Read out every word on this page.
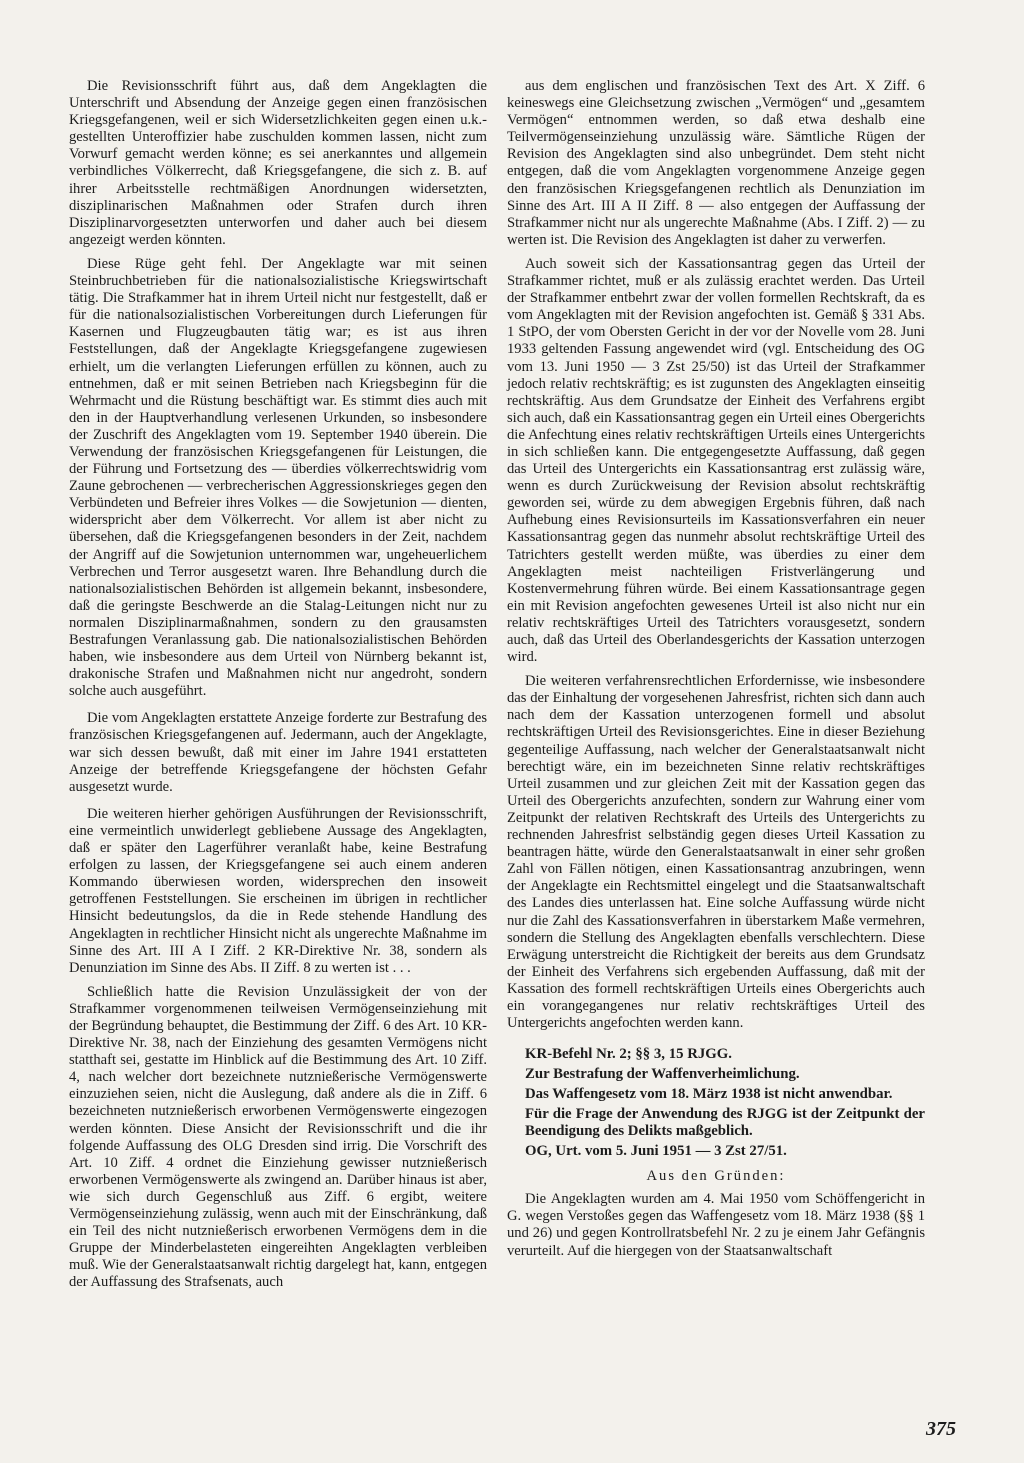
Die Revisionsschrift führt aus, daß dem Angeklagten die Unterschrift und Absendung der Anzeige gegen einen französischen Kriegsgefangenen, weil er sich Widersetzlichkeiten gegen einen u.k.-gestellten Unteroffizier habe zuschulden kommen lassen, nicht zum Vorwurf gemacht werden könne; es sei anerkanntes und allgemein verbindliches Völkerrecht, daß Kriegsgefangene, die sich z. B. auf ihrer Arbeitsstelle rechtmäßigen Anordnungen widersetzten, disziplinarischen Maßnahmen oder Strafen durch ihren Disziplinarvorgesetzten unterworfen und daher auch bei diesem angezeigt werden könnten.

Diese Rüge geht fehl. Der Angeklagte war mit seinen Steinbruchbetrieben für die nationalsozialistische Kriegswirtschaft tätig. Die Strafkammer hat in ihrem Urteil nicht nur festgestellt, daß er für die nationalsozialistischen Vorbereitungen durch Lieferungen für Kasernen und Flugzeugbauten tätig war; es ist aus ihren Feststellungen, daß der Angeklagte Kriegsgefangene zugewiesen erhielt, um die verlangten Lieferungen erfüllen zu können, auch zu entnehmen, daß er mit seinen Betrieben nach Kriegsbeginn für die Wehrmacht und die Rüstung beschäftigt war. Es stimmt dies auch mit den in der Hauptverhandlung verlesenen Urkunden, so insbesondere der Zuschrift des Angeklagten vom 19. September 1940 überein. Die Verwendung der französischen Kriegsgefangenen für Leistungen, die der Führung und Fortsetzung des — überdies völkerrechtswidrig vom Zaune gebrochenen — verbrecherischen Aggressionskrieges gegen den Verbündeten und Befreier ihres Volkes — die Sowjetunion — dienten, widerspricht aber dem Völkerrecht. Vor allem ist aber nicht zu übersehen, daß die Kriegsgefangenen besonders in der Zeit, nachdem der Angriff auf die Sowjetunion unternommen war, ungeheuerlichem Verbrechen und Terror ausgesetzt waren. Ihre Behandlung durch die nationalsozialistischen Behörden ist allgemein bekannt, insbesondere, daß die geringste Beschwerde an die Stalag-Leitungen nicht nur zu normalen Disziplinarmaßnahmen, sondern zu den grausamsten Bestrafungen Veranlassung gab. Die nationalsozialistischen Behörden haben, wie insbesondere aus dem Urteil von Nürnberg bekannt ist, drakonische Strafen und Maßnahmen nicht nur angedroht, sondern solche auch ausgeführt.

Die vom Angeklagten erstattete Anzeige forderte zur Bestrafung des französischen Kriegsgefangenen auf. Jedermann, auch der Angeklagte, war sich dessen bewußt, daß mit einer im Jahre 1941 erstatteten Anzeige der betreffende Kriegsgefangene der höchsten Gefahr ausgesetzt wurde.

Die weiteren hierher gehörigen Ausführungen der Revisionsschrift, eine vermeintlich unwiderlegt gebliebene Aussage des Angeklagten, daß er später den Lagerführer veranlaßt habe, keine Bestrafung erfolgen zu lassen, der Kriegsgefangene sei auch einem anderen Kommando überwiesen worden, widersprechen den insoweit getroffenen Feststellungen. Sie erscheinen im übrigen in rechtlicher Hinsicht bedeutungslos, da die in Rede stehende Handlung des Angeklagten in rechtlicher Hinsicht nicht als ungerechte Maßnahme im Sinne des Art. III A I Ziff. 2 KR-Direktive Nr. 38, sondern als Denunziation im Sinne des Abs. II Ziff. 8 zu werten ist . . .

Schließlich hatte die Revision Unzulässigkeit der von der Strafkammer vorgenommenen teilweisen Vermögenseinziehung mit der Begründung behauptet, die Bestimmung der Ziff. 6 des Art. 10 KR-Direktive Nr. 38, nach der Einziehung des gesamten Vermögens nicht statthaft sei, gestatte im Hinblick auf die Bestimmung des Art. 10 Ziff. 4, nach welcher dort bezeichnete nutznießerische Vermögenswerte einzuziehen seien, nicht die Auslegung, daß andere als die in Ziff. 6 bezeichneten nutznießerisch erworbenen Vermögenswerte eingezogen werden könnten. Diese Ansicht der Revisionsschrift und die ihr folgende Auffassung des OLG Dresden sind irrig. Die Vorschrift des Art. 10 Ziff. 4 ordnet die Einziehung gewisser nutznießerisch erworbenen Vermögenswerte als zwingend an. Darüber hinaus ist aber, wie sich durch Gegenschluß aus Ziff. 6 ergibt, weitere Vermögenseinziehung zulässig, wenn auch mit der Einschränkung, daß ein Teil des nicht nutznießerisch erworbenen Vermögens dem in die Gruppe der Minderbelasteten eingereihten Angeklagten verbleiben muß. Wie der Generalstaatsanwalt richtig dargelegt hat, kann, entgegen der Auffassung des Strafsenats, auch

aus dem englischen und französischen Text des Art. X Ziff. 6 keineswegs eine Gleichsetzung zwischen „Vermögen“ und „gesamtem Vermögen“ entnommen werden, so daß etwa deshalb eine Teilvermögenseinziehung unzulässig wäre. Sämtliche Rügen der Revision des Angeklagten sind also unbegründet. Dem steht nicht entgegen, daß die vom Angeklagten vorgenommene Anzeige gegen den französischen Kriegsgefangenen rechtlich als Denunziation im Sinne des Art. III A II Ziff. 8 — also entgegen der Auffassung der Strafkammer nicht nur als ungerechte Maßnahme (Abs. I Ziff. 2) — zu werten ist. Die Revision des Angeklagten ist daher zu verwerfen.

Auch soweit sich der Kassationsantrag gegen das Urteil der Strafkammer richtet, muß er als zulässig erachtet werden. Das Urteil der Strafkammer entbehrt zwar der vollen formellen Rechtskraft, da es vom Angeklagten mit der Revision angefochten ist. Gemäß § 331 Abs. 1 StPO, der vom Obersten Gericht in der vor der Novelle vom 28. Juni 1933 geltenden Fassung angewendet wird (vgl. Entscheidung des OG vom 13. Juni 1950 — 3 Zst 25/50) ist das Urteil der Strafkammer jedoch relativ rechtskräftig; es ist zugunsten des Angeklagten einseitig rechtskräftig. Aus dem Grundsatze der Einheit des Verfahrens ergibt sich auch, daß ein Kassationsantrag gegen ein Urteil eines Obergerichts die Anfechtung eines relativ rechtskräftigen Urteils eines Untergerichts in sich schließen kann. Die entgegengesetzte Auffassung, daß gegen das Urteil des Untergerichts ein Kassationsantrag erst zulässig wäre, wenn es durch Zurückweisung der Revision absolut rechtskräftig geworden sei, würde zu dem abwegigen Ergebnis führen, daß nach Aufhebung eines Revisionsurteils im Kassationsverfahren ein neuer Kassationsantrag gegen das nunmehr absolut rechtskräftige Urteil des Tatrichters gestellt werden müßte, was überdies zu einer dem Angeklagten meist nachteiligen Fristverlängerung und Kostenvermehrung führen würde. Bei einem Kassationsantrage gegen ein mit Revision angefochten gewesenes Urteil ist also nicht nur ein relativ rechtskräftiges Urteil des Tatrichters vorausgesetzt, sondern auch, daß das Urteil des Oberlandesgerichts der Kassation unterzogen wird.

Die weiteren verfahrensrechtlichen Erfordernisse, wie insbesondere das der Einhaltung der vorgesehenen Jahresfrist, richten sich dann auch nach dem der Kassation unterzogenen formell und absolut rechtskräftigen Urteil des Revisionsgerichtes. Eine in dieser Beziehung gegenteilige Auffassung, nach welcher der Generalstaatsanwalt nicht berechtigt wäre, ein im bezeichneten Sinne relativ rechtskräftiges Urteil zusammen und zur gleichen Zeit mit der Kassation gegen das Urteil des Obergerichts anzufechten, sondern zur Wahrung einer vom Zeitpunkt der relativen Rechtskraft des Urteils des Untergerichts zu rechnenden Jahresfrist selbständig gegen dieses Urteil Kassation zu beantragen hätte, würde den Generalstaatsanwalt in einer sehr großen Zahl von Fällen nötigen, einen Kassationsantrag anzubringen, wenn der Angeklagte ein Rechtsmittel eingelegt und die Staatsanwaltschaft des Landes dies unterlassen hat. Eine solche Auffassung würde nicht nur die Zahl des Kassationsverfahren in überstarkem Maße vermehren, sondern die Stellung des Angeklagten ebenfalls verschlechtern. Diese Erwägung unterstreicht die Richtigkeit der bereits aus dem Grundsatz der Einheit des Verfahrens sich ergebenden Auffassung, daß mit der Kassation des formell rechtskräftigen Urteils eines Obergerichts auch ein vorangegangenes nur relativ rechtskräftiges Urteil des Untergerichts angefochten werden kann.

KR-Befehl Nr. 2; §§ 3, 15 RJGG.
Zur Bestrafung der Waffenverheimlichung.
Das Waffengesetz vom 18. März 1938 ist nicht anwendbar.
Für die Frage der Anwendung des RJGG ist der Zeitpunkt der Beendigung des Delikts maßgeblich.
OG, Urt. vom 5. Juni 1951 — 3 Zst 27/51.
Aus den Gründen:

Die Angeklagten wurden am 4. Mai 1950 vom Schöffengericht in G. wegen Verstoßes gegen das Waffengesetz vom 18. März 1938 (§§ 1 und 26) und gegen Kontrollratsbefehl Nr. 2 zu je einem Jahr Gefängnis verurteilt. Auf die hiergegen von der Staatsanwaltschaft

375
